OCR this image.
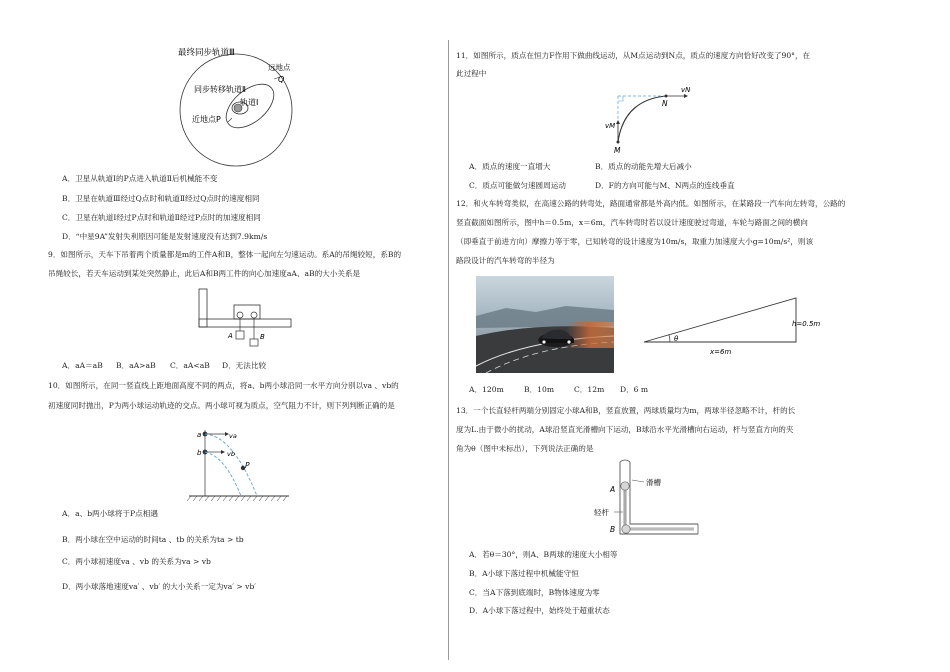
最终同步轨道Ⅲ
远地点
Q
同步转移轨道Ⅱ
轨道Ⅰ
近地点P
A．卫星从轨道Ⅰ的P点进入轨道Ⅱ后机械能不变
B．卫星在轨道Ⅲ经过Q点时和轨道Ⅱ经过Q点时的速度相同
C．卫星在轨道Ⅰ经过P点时和轨道Ⅱ经过P点时的加速度相同
D．“中星9A”发射失利原因可能是发射速度没有达到7.9km/s
9．如图所示，天车下吊着两个质量都是m的工件A和B，整体一起向左匀速运动。系A的吊绳较短，系B的
吊绳较长，若天车运动到某处突然静止，此后A和B两工件的向心加速度aA、aB的大小关系是
A	B
A．aA＝aB B．aA>aB C．aA<aB D．无法比较
10．如图所示，在同一竖直线上距地面高度不同的两点，将a、b两小球沿同一水平方向分别以va 、vb的
初速度同时抛出，P为两小球运动轨迹的交点。两小球可视为质点，空气阻力不计，则下列判断正确的是
a	va
b	vb
P
A．a、b两小球将于P点相遇
B．两小球在空中运动的时间ta 、tb 的关系为ta > tb
C．两小球初速度va 、vb 的关系为va > vb
D．两小球落地速度va′ 、vb′ 的大小关系一定为va′ > vb′
11．如图所示，质点在恒力F作用下做曲线运动，从M点运动到N点，质点的速度方向恰好改变了90°，在
此过程中
vN
N
vM
M
A．质点的速度一直增大	B．质点的动能先增大后减小
C．质点可能做匀速圆周运动	D．F的方向可能与M、N两点的连线垂直
12．和火车转弯类似，在高速公路的转弯处，路面通常都是外高内低。如图所示，在某路段一汽车向左转弯，公路的
竖直截面如图所示，图中h＝0.5m，x＝6m，汽车转弯时若以设计速度驶过弯道，车轮与路面之间的横向
（即垂直于前进方向）摩擦力等于零，已知转弯的设计速度为10m/s，取重力加速度大小g=10m/s²，则该
路段设计的汽车转弯的半径为
θ
h=0.5m
x=6m
A．120m	B．10m	C．12m D．6 m
13．一个长直轻杆两端分别固定小球A和B，竖直放置，两球质量均为m，两球半径忽略不计，杆的长
度为L.由于微小的扰动，A球沿竖直光滑槽向下运动，B球沿水平光滑槽向右运动，杆与竖直方向的夹
角为θ（图中未标出），下列说法正确的是
A
B
滑槽
轻杆
A．若θ＝30°，则A、B两球的速度大小相等
B．A小球下落过程中机械能守恒
C．当A下落到底端时，B物体速度为零
D．A小球下落过程中，始终处于超重状态
